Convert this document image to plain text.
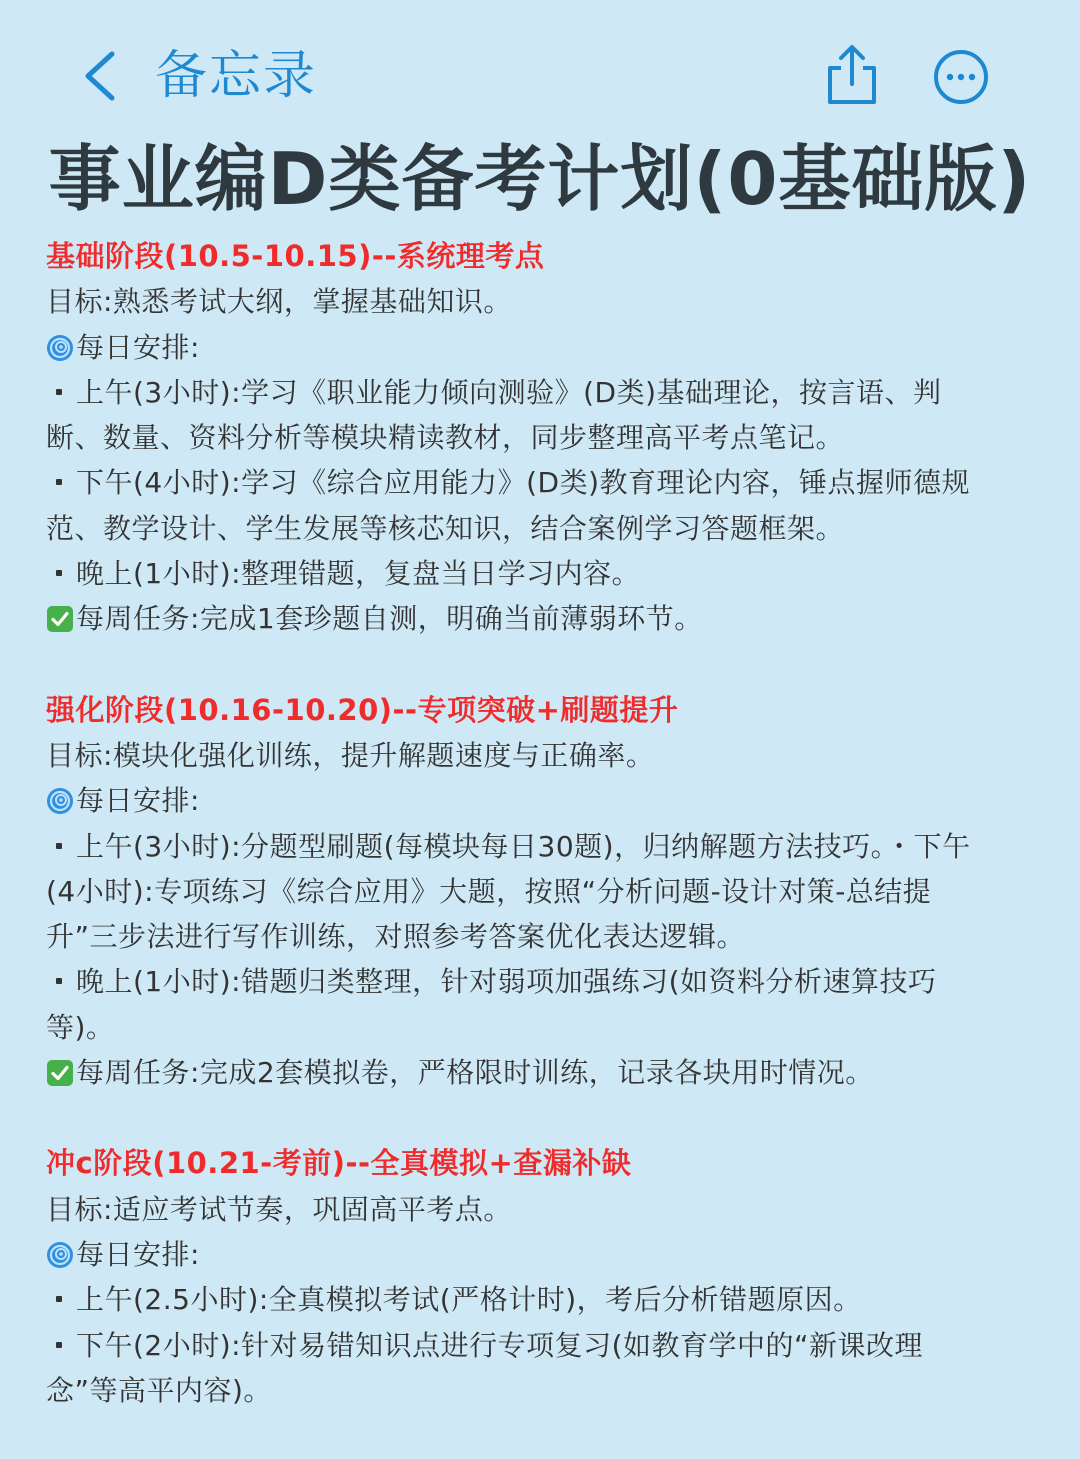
备忘录
事业编D类备考计划(0基础版)
基础阶段(10.5-10.15)--系统理考点
目标:熟悉考试大纲，掌握基础知识。
每日安排:
上午(3小时):学习《职业能力倾向测验》(D类)基础理论，按言语、判
断、数量、资料分析等模块精读教材，同步整理高平考点笔记。
下午(4小时):学习《综合应用能力》(D类)教育理论内容，锤点握师德规
范、教学设计、学生发展等核芯知识，结合案例学习答题框架。
晚上(1小时):整理错题，复盘当日学习内容。
每周任务:完成1套珍题自测，明确当前薄弱环节。
强化阶段(10.16-10.20)--专项突破+刷题提升
目标:模块化强化训练，提升解题速度与正确率。
每日安排:
上午(3小时):分题型刷题(每模块每日30题)，归纳解题方法技巧。・下午
(4小时):专项练习《综合应用》大题，按照“分析问题-设计对策-总结提
升”三步法进行写作训练，对照参考答案优化表达逻辑。
晚上(1小时):错题归类整理，针对弱项加强练习(如资料分析速算技巧
等)。
每周任务:完成2套模拟卷，严格限时训练，记录各块用时情况。
冲c阶段(10.21-考前)--全真模拟+查漏补缺
目标:适应考试节奏，巩固高平考点。
每日安排:
上午(2.5小时):全真模拟考试(严格计时)，考后分析错题原因。
下午(2小时):针对易错知识点进行专项复习(如教育学中的“新课改理
念”等高平内容)。
